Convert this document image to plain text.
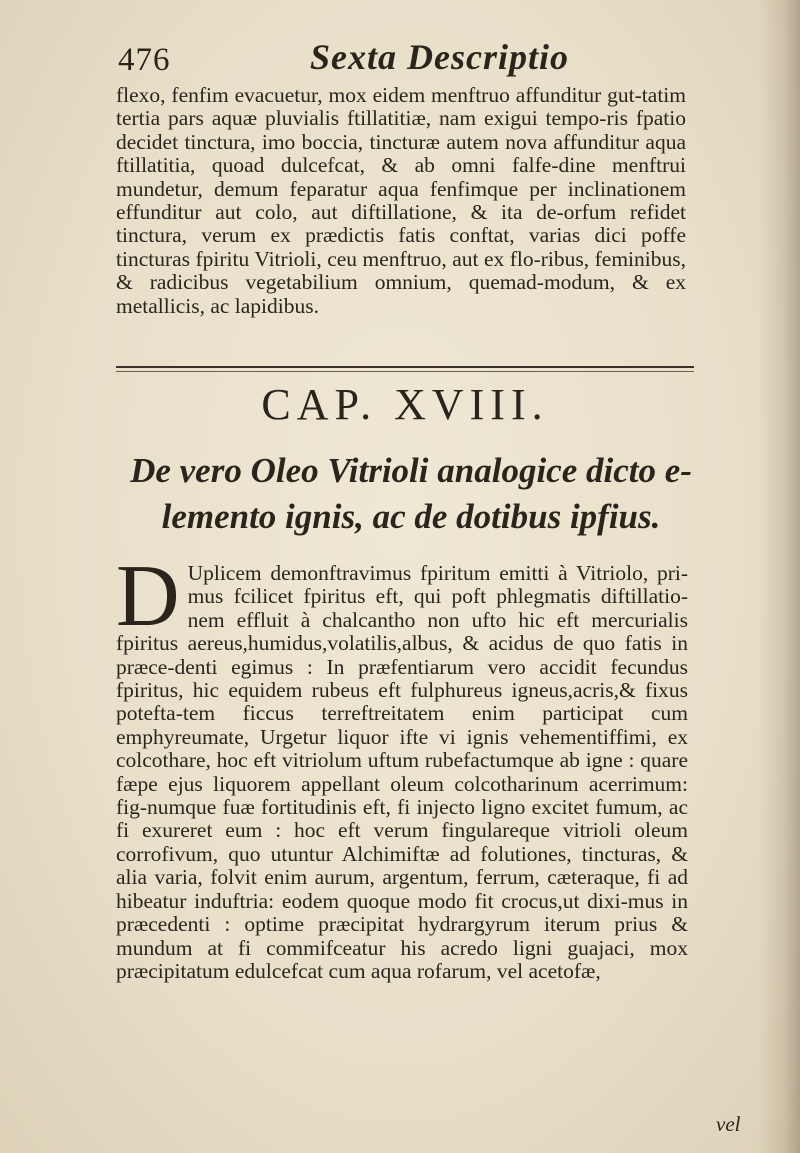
476	Sexta Descriptio

flexo, fenfim evacuetur, mox eidem menftruo affunditur gut-tatim tertia pars aquæ pluvialis ftillatitiæ, nam exigui tempo-ris fpatio decidet tinctura, imo boccia, tincturæ autem nova affunditur aqua ftillatitia, quoad dulcefcat, & ab omni falfe-dine menftrui mundetur, demum feparatur aqua fenfimque per inclinationem effunditur aut colo, aut diftillatione, & ita de-orfum refidet tinctura, verum ex prædictis fatis conftat, varias dici poffe tincturas fpiritu Vitrioli, ceu menftruo, aut ex flo-ribus, feminibus, & radicibus vegetabilium omnium, quemad-modum, & ex metallicis, ac lapidibus.

CAP. XVIII.

De vero Oleo Vitrioli analogice dicto e-lemento ignis, ac de dotibus ipfius.

D Uplicem demonftravimus fpiritum emitti à Vitriolo, pri-mus fcilicet fpiritus eft, qui poft phlegmatis diftillatio-nem effluit à chalcantho non ufto hic eft mercurialis fpiritus aereus,humidus,volatilis,albus, & acidus de quo fatis in præce-denti egimus : In præfentiarum vero accidit fecundus fpiritus, hic equidem rubeus eft fulphureus igneus,acris,& fixus poteftа-tem ficcus terreftreitatem enim participat cum emphyreumate, Urgetur liquor ifte vi ignis vehementiffimi, ex colcothare, hoc eft vitriolum uftum rubefactumque ab igne : quare fæpe ejus liquorem appellant oleum colcotharinum acerrimum: fig-numque fuæ fortitudinis eft, fi injecto ligno excitet fumum, ac fi exureret eum : hoc eft verum fingulareque vitrioli oleum corrofivum, quo utuntur Alchimiftæ ad folutiones, tincturas, & alia varia, folvit enim aurum, argentum, ferrum, cæteraque, fi ad hibeatur induftria: eodem quoque modo fit crocus,ut dixi-mus in præcedenti : optime præcipitat hydrargyrum iterum prius & mundum at fi commifceatur his acredo ligni guajaci, mox præcipitatum edulcefcat cum aqua rofarum, vel acetofæ,

vel
